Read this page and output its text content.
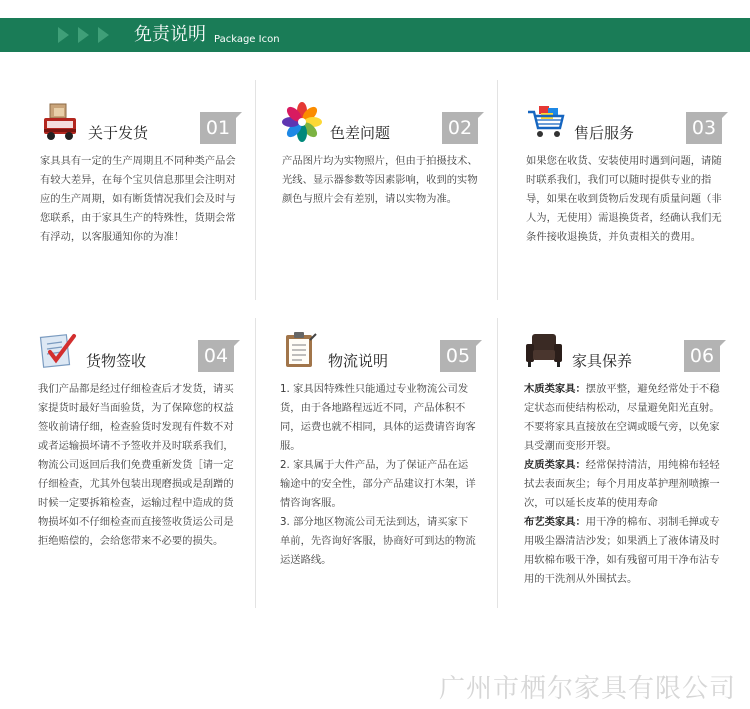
免责说明 Package Icon
关于发货	01

家具具有一定的生产周期且不同种类产品会有较大差异，在每个宝贝信息那里会注明对应的生产周期，如有断货情况我们会及时与您联系，由于家具生产的特殊性，货期会常有浮动，以客服通知你的为准！

色差问题	02

产品图片均为实物照片，但由于拍摄技术、光线、显示器参数等因素影响，收到的实物颜色与照片会有差别，请以实物为准。

售后服务	03

如果您在收货、安装使用时遇到问题，请随时联系我们，我们可以随时提供专业的指导，如果在收到货物后发现有质量问题（非人为，无使用）需退换货者，经确认我们无条件接收退换货，并负责相关的费用。

货物签收	04

我们产品都是经过仔细检查后才发货，请买家提货时最好当面验货，为了保障您的权益签收前请仔细，检查验货时发现有件数不对或者运输损坏请不予签收并及时联系我们，物流公司返回后我们免费重新发货［请一定仔细检查，尤其外包装出现磨损或是刮蹭的时候一定要拆箱检查，运输过程中造成的货物损坏如不仔细检查而直接签收货运公司是拒绝赔偿的，会给您带来不必要的损失。

物流说明	05

1. 家具因特殊性只能通过专业物流公司发货，由于各地路程远近不同，产品体积不同，运费也就不相同，具体的运费请咨询客服。

2. 家具属于大件产品，为了保证产品在运输途中的安全性，部分产品建议打木架，详情咨询客服。

3. 部分地区物流公司无法到达，请买家下单前，先咨询好客服，协商好可到达的物流运送路线。

家具保养	06

木质类家具：摆放平整，避免经常处于不稳定状态而使结构松动，尽量避免阳光直射。不要将家具直接放在空调或暖气旁，以免家具受潮而变形开裂。

皮质类家具：经常保持清洁，用纯棉布轻轻拭去表面灰尘；每个月用皮革护理剂喷擦一次，可以延长皮革的使用寿命

布艺类家具：用干净的棉布、羽制毛掸或专用吸尘器清洁沙发；如果洒上了液体请及时用软棉布吸干净，如有残留可用干净布沾专用的干洗剂从外围拭去。

广州市栖尔家具有限公司
